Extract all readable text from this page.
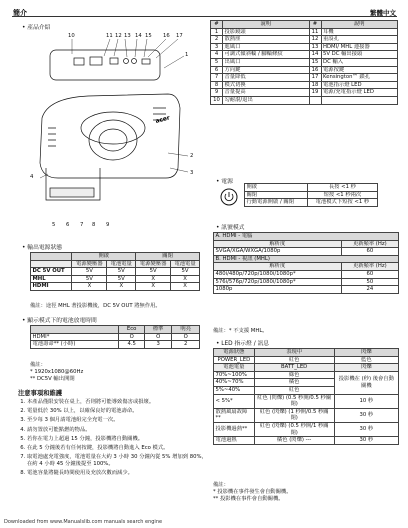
簡介	繁體中文
• 產品介紹
acer
10	11 12 13 14 15 16 17
1
2
3
4
5 6 7 8 9
#	說明	#	說明
1	投影鏡頭	11	耳機
2	散熱座	12	重設孔
3	進風口	13	HDMI/ MHL 連接器
4	可調式傾斜輪 / 腳輪條紋	14	5V DC 輸出接頭
5	出風口	15	DC 輸入
6	方向鍵	16	電源按鍵
7	音量降低	17	Kensington™ 鎖孔
8	模式切換	18	電池指示燈 LED
9	音量提高	19	電源/充電指示燈 LED
10	勾耐滾/退出		
• 電源
開啟	長按 <1 秒
關閉	短按 <1 秒兩次
行動電源開啟 / 關閉	電池模式下短按 <1 秒
• 輸出電源狀態
	開啟		關閉	
	電源變壓器	電池電量	電源變壓器	電池電量
DC 5V OUT	5V	5V	5V	5V
MHL	5V	5V	X	X
HDMI	X	X	X	X
備註：途徑 MHL 著投影機後，DC 5V OUT 將無作用。
• 顯示模式下的電池放電時間
	Eco	標準	明亮
HDMI*	O	O	O
電池壽命** (小時)	4.5	3	2
備註：
* 1920x1080@60Hz
** DC5V 輸出開閉
注意事項和維護
1. 本產品僅限安裝在桌上，否則將可能導致傷害或損壞。
2. 電量低於 30% 以上，以確保良好的電池壽命。
3. 至少每 3 個月請電池組完全充電一次。
4. 請勿置放可能點燃的物品。
5. 若你在電力上超過 15 分鐘，投影機將自動關機。
6. 在此 5 分鐘後若有任何按鍵，投影機將自動進入 Eco 模式。
7. 取電池處充電強度，電池電量在大約 3 小時 30 分鐘內從 5% 增加到 80%，在約 4 小時 45 分鐘後提至 100%。
8. 電池容量將隨長時間使用及充放次數而減少。
• 訊號模式
A. HDMI - 電腦	
解析度	更新頻率 (Hz)
SVGA/XGA/WXGA/1080p	60
B. HDMI - 視訊 (MHL)	
解析度	更新頻率 (Hz)
480i/480p/720p/1080i/1080p*	60
576i/576p/720p/1080i/1080p*	50
1080p	24
備註：* 不支援 MHL。
• LED 指示燈 / 訊息
電源狀態	表現中	閃爍
POWER_LED	紅色	藍色
電池電量	BATT_LED	閃爍
70%~100%	綠色	投影機在 (秒) 後會自動關機
40%~70%	橘色	
5%~40%	紅色	
< 5%*	紅色 (閃爍) (0.5 秒開/0.5 秒關閉)	10 秒
散熱風扇故障**	紅色 (閃爍) (1 秒開/0.5 秒關閉)	30 秒
投影機過熱**	紅色 (閃爍) (0.5 秒開/1 秒關閉)	30 秒
電池過熱	橘色 (閃爍) ---	30 秒
備註：
* 投影機在事件發生會自動關機。
** 投影機在事件會自動關機。
Downloaded from www.Manualslib.com manuals search engine
